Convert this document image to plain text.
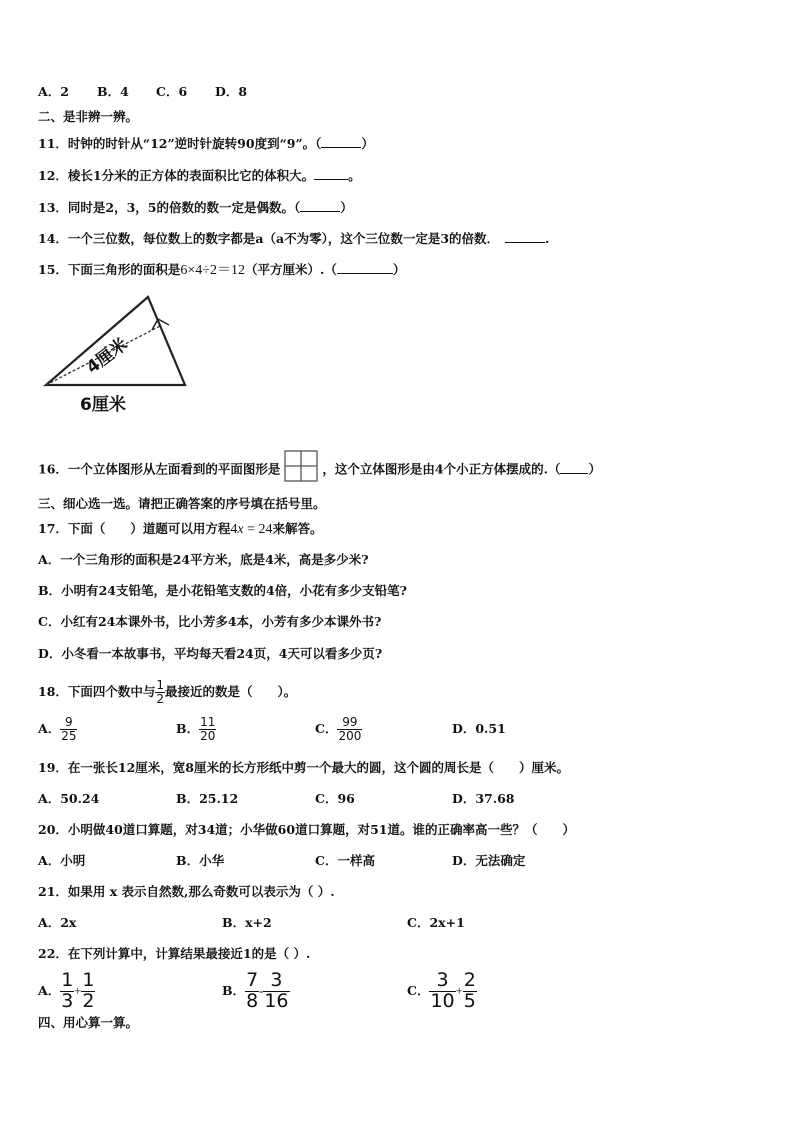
A．2 B．4 C．6 D．8
二、是非辨一辨。
11．时钟的时针从“12”逆时针旋转90度到“9”。（	）
12．棱长1分米的正方体的表面积比它的体积大。	。
13．同时是2，3，5的倍数的数一定是偶数。（	）
14．一个三位数，每位数上的数字都是a（a不为零），这个三位数一定是3的倍数．	.
15．下面三角形的面积是6×4÷2＝12（平方厘米）.（	）
4厘米
6厘米
16．一个立体图形从左面看到的平面图形是	，这个立体图形是由4个小正方体摆成的.（ ）
三、细心选一选。请把正确答案的序号填在括号里。
17．下面（　　）道题可以用方程4x = 24来解答。
A．一个三角形的面积是24平方米，底是4米，高是多少米?
B．小明有24支铅笔，是小花铅笔支数的4倍，小花有多少支铅笔?
C．小红有24本课外书，比小芳多4本，小芳有多少本课外书?
D．小冬看一本故事书，平均每天看24页，4天可以看多少页?
18．下面四个数中与 $\frac{1}{2}$ 最接近的数是（　　）。
A． $\frac{9}{25}$	B． $\frac{11}{20}$	C． $\frac{99}{200}$	D．0.51
19．在一张长12厘米，宽8厘米的长方形纸中剪一个最大的圆，这个圆的周长是（　　）厘米。
A．50.24	B．25.12	C．96	D．37.68
20．小明做40道口算题，对34道；小华做60道口算题，对51道。谁的正确率高一些？（　　）
A．小明	B．小华	C．一样高	D．无法确定
21．如果用 x 表示自然数,那么奇数可以表示为（ ）.
A．2x	B．x+2	C．2x+1
22．在下列计算中，计算结果最接近1的是（ ）.
A． $\frac{1}{3} + \frac{1}{2}$	B． $\frac{7}{8} - \frac{3}{16}$	C． $\frac{3}{10} + \frac{2}{5}$
四、用心算一算。
